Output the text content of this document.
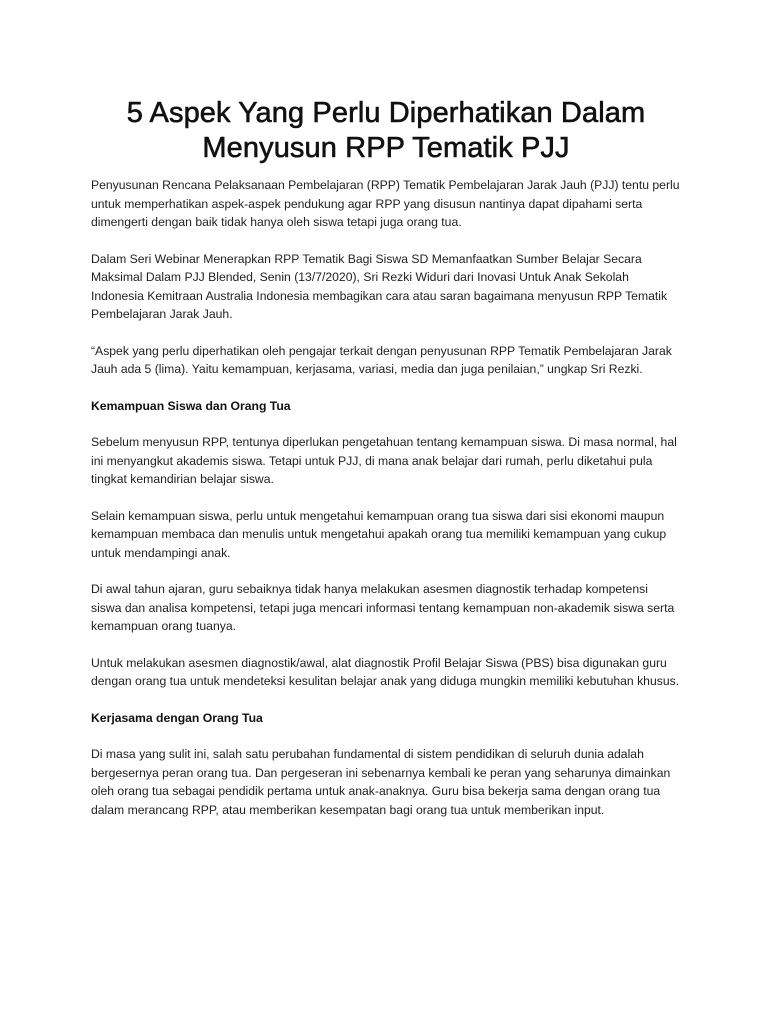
5 Aspek Yang Perlu Diperhatikan Dalam Menyusun RPP Tematik PJJ

Penyusunan Rencana Pelaksanaan Pembelajaran (RPP) Tematik Pembelajaran Jarak Jauh (PJJ) tentu perlu untuk memperhatikan aspek-aspek pendukung agar RPP yang disusun nantinya dapat dipahami serta dimengerti dengan baik tidak hanya oleh siswa tetapi juga orang tua.

Dalam Seri Webinar Menerapkan RPP Tematik Bagi Siswa SD Memanfaatkan Sumber Belajar Secara Maksimal Dalam PJJ Blended, Senin (13/7/2020), Sri Rezki Widuri dari Inovasi Untuk Anak Sekolah Indonesia Kemitraan Australia Indonesia membagikan cara atau saran bagaimana menyusun RPP Tematik Pembelajaran Jarak Jauh.

“Aspek yang perlu diperhatikan oleh pengajar terkait dengan penyusunan RPP Tematik Pembelajaran Jarak Jauh ada 5 (lima). Yaitu kemampuan, kerjasama, variasi, media dan juga penilaian,” ungkap Sri Rezki.

Kemampuan Siswa dan Orang Tua

Sebelum menyusun RPP, tentunya diperlukan pengetahuan tentang kemampuan siswa. Di masa normal, hal ini menyangkut akademis siswa. Tetapi untuk PJJ, di mana anak belajar dari rumah, perlu diketahui pula tingkat kemandirian belajar siswa.

Selain kemampuan siswa, perlu untuk mengetahui kemampuan orang tua siswa dari sisi ekonomi maupun kemampuan membaca dan menulis untuk mengetahui apakah orang tua memiliki kemampuan yang cukup untuk mendampingi anak.

Di awal tahun ajaran, guru sebaiknya tidak hanya melakukan asesmen diagnostik terhadap kompetensi siswa dan analisa kompetensi, tetapi juga mencari informasi tentang kemampuan non-akademik siswa serta kemampuan orang tuanya.

Untuk melakukan asesmen diagnostik/awal, alat diagnostik Profil Belajar Siswa (PBS) bisa digunakan guru dengan orang tua untuk mendeteksi kesulitan belajar anak yang diduga mungkin memiliki kebutuhan khusus.

Kerjasama dengan Orang Tua

Di masa yang sulit ini, salah satu perubahan fundamental di sistem pendidikan di seluruh dunia adalah bergesernya peran orang tua. Dan pergeseran ini sebenarnya kembali ke peran yang seharunya dimainkan oleh orang tua sebagai pendidik pertama untuk anak-anaknya. Guru bisa bekerja sama dengan orang tua dalam merancang RPP, atau memberikan kesempatan bagi orang tua untuk memberikan input.
